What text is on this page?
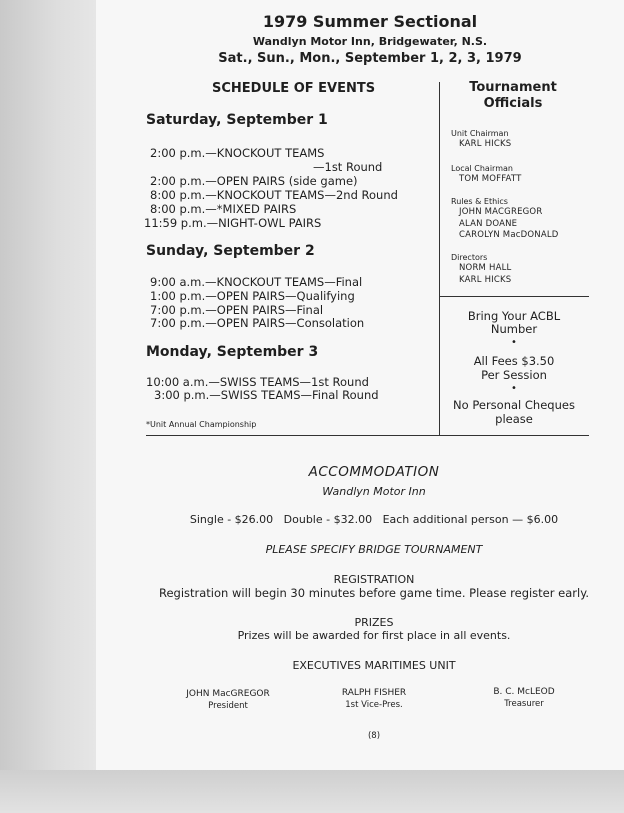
1979 Summer Sectional
Wandlyn Motor Inn, Bridgewater, N.S.
Sat., Sun., Mon., September 1, 2, 3, 1979
SCHEDULE OF EVENTS
Saturday, September 1
2:00 p.m.—KNOCKOUT TEAMS
—1st Round
2:00 p.m.—OPEN PAIRS (side game)
8:00 p.m.—KNOCKOUT TEAMS—2nd Round
8:00 p.m.—*MIXED PAIRS
11:59 p.m.—NIGHT-OWL PAIRS
Sunday, September 2
9:00 a.m.—KNOCKOUT TEAMS—Final
1:00 p.m.—OPEN PAIRS—Qualifying
7:00 p.m.—OPEN PAIRS—Final
7:00 p.m.—OPEN PAIRS—Consolation
Monday, September 3
10:00 a.m.—SWISS TEAMS—1st Round
3:00 p.m.—SWISS TEAMS—Final Round
*Unit Annual Championship
Tournament Officials
Unit Chairman
KARL HICKS
Local Chairman
TOM MOFFATT
Rules & Ethics
JOHN MACGREGOR
ALAN DOANE
CAROLYN MacDONALD
Directors
NORM HALL
KARL HICKS
Bring Your ACBL
Number
•
All Fees $3.50
Per Session
•
No Personal Cheques
please
ACCOMMODATION
Wandlyn Motor Inn
Single - $26.00   Double - $32.00   Each additional person — $6.00
PLEASE SPECIFY BRIDGE TOURNAMENT
REGISTRATION
Registration will begin 30 minutes before game time. Please register early.
PRIZES
Prizes will be awarded for first place in all events.
EXECUTIVES MARITIMES UNIT
JOHN MacGREGOR
President
RALPH FISHER
1st Vice-Pres.
B. C. McLEOD
Treasurer
(8)
